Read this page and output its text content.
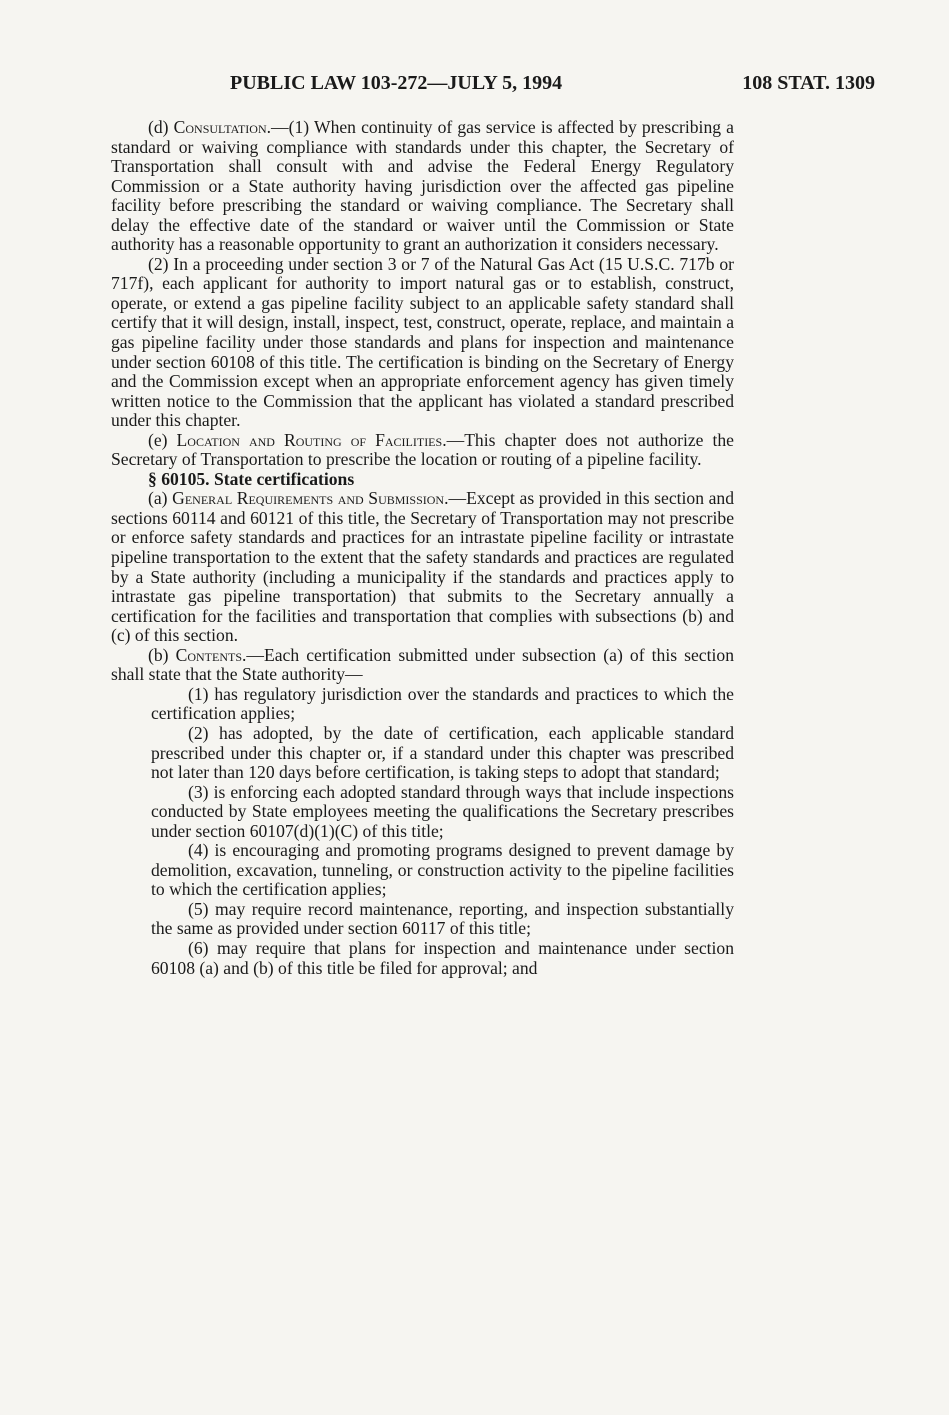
PUBLIC LAW 103-272—JULY 5, 1994	108 STAT. 1309

(d) Consultation.—(1) When continuity of gas service is affected by prescribing a standard or waiving compliance with standards under this chapter, the Secretary of Transportation shall consult with and advise the Federal Energy Regulatory Commission or a State authority having jurisdiction over the affected gas pipeline facility before prescribing the standard or waiving compliance. The Secretary shall delay the effective date of the standard or waiver until the Commission or State authority has a reasonable opportunity to grant an authorization it considers necessary.

(2) In a proceeding under section 3 or 7 of the Natural Gas Act (15 U.S.C. 717b or 717f), each applicant for authority to import natural gas or to establish, construct, operate, or extend a gas pipeline facility subject to an applicable safety standard shall certify that it will design, install, inspect, test, construct, operate, replace, and maintain a gas pipeline facility under those standards and plans for inspection and maintenance under section 60108 of this title. The certification is binding on the Secretary of Energy and the Commission except when an appropriate enforcement agency has given timely written notice to the Commission that the applicant has violated a standard prescribed under this chapter.

(e) Location and Routing of Facilities.—This chapter does not authorize the Secretary of Transportation to prescribe the location or routing of a pipeline facility.

§ 60105. State certifications

(a) General Requirements and Submission.—Except as provided in this section and sections 60114 and 60121 of this title, the Secretary of Transportation may not prescribe or enforce safety standards and practices for an intrastate pipeline facility or intrastate pipeline transportation to the extent that the safety standards and practices are regulated by a State authority (including a municipality if the standards and practices apply to intrastate gas pipeline transportation) that submits to the Secretary annually a certification for the facilities and transportation that complies with subsections (b) and (c) of this section.

(b) Contents.—Each certification submitted under subsection (a) of this section shall state that the State authority—

(1) has regulatory jurisdiction over the standards and practices to which the certification applies;

(2) has adopted, by the date of certification, each applicable standard prescribed under this chapter or, if a standard under this chapter was prescribed not later than 120 days before certification, is taking steps to adopt that standard;

(3) is enforcing each adopted standard through ways that include inspections conducted by State employees meeting the qualifications the Secretary prescribes under section 60107(d)(1)(C) of this title;

(4) is encouraging and promoting programs designed to prevent damage by demolition, excavation, tunneling, or construction activity to the pipeline facilities to which the certification applies;

(5) may require record maintenance, reporting, and inspection substantially the same as provided under section 60117 of this title;

(6) may require that plans for inspection and maintenance under section 60108 (a) and (b) of this title be filed for approval; and
